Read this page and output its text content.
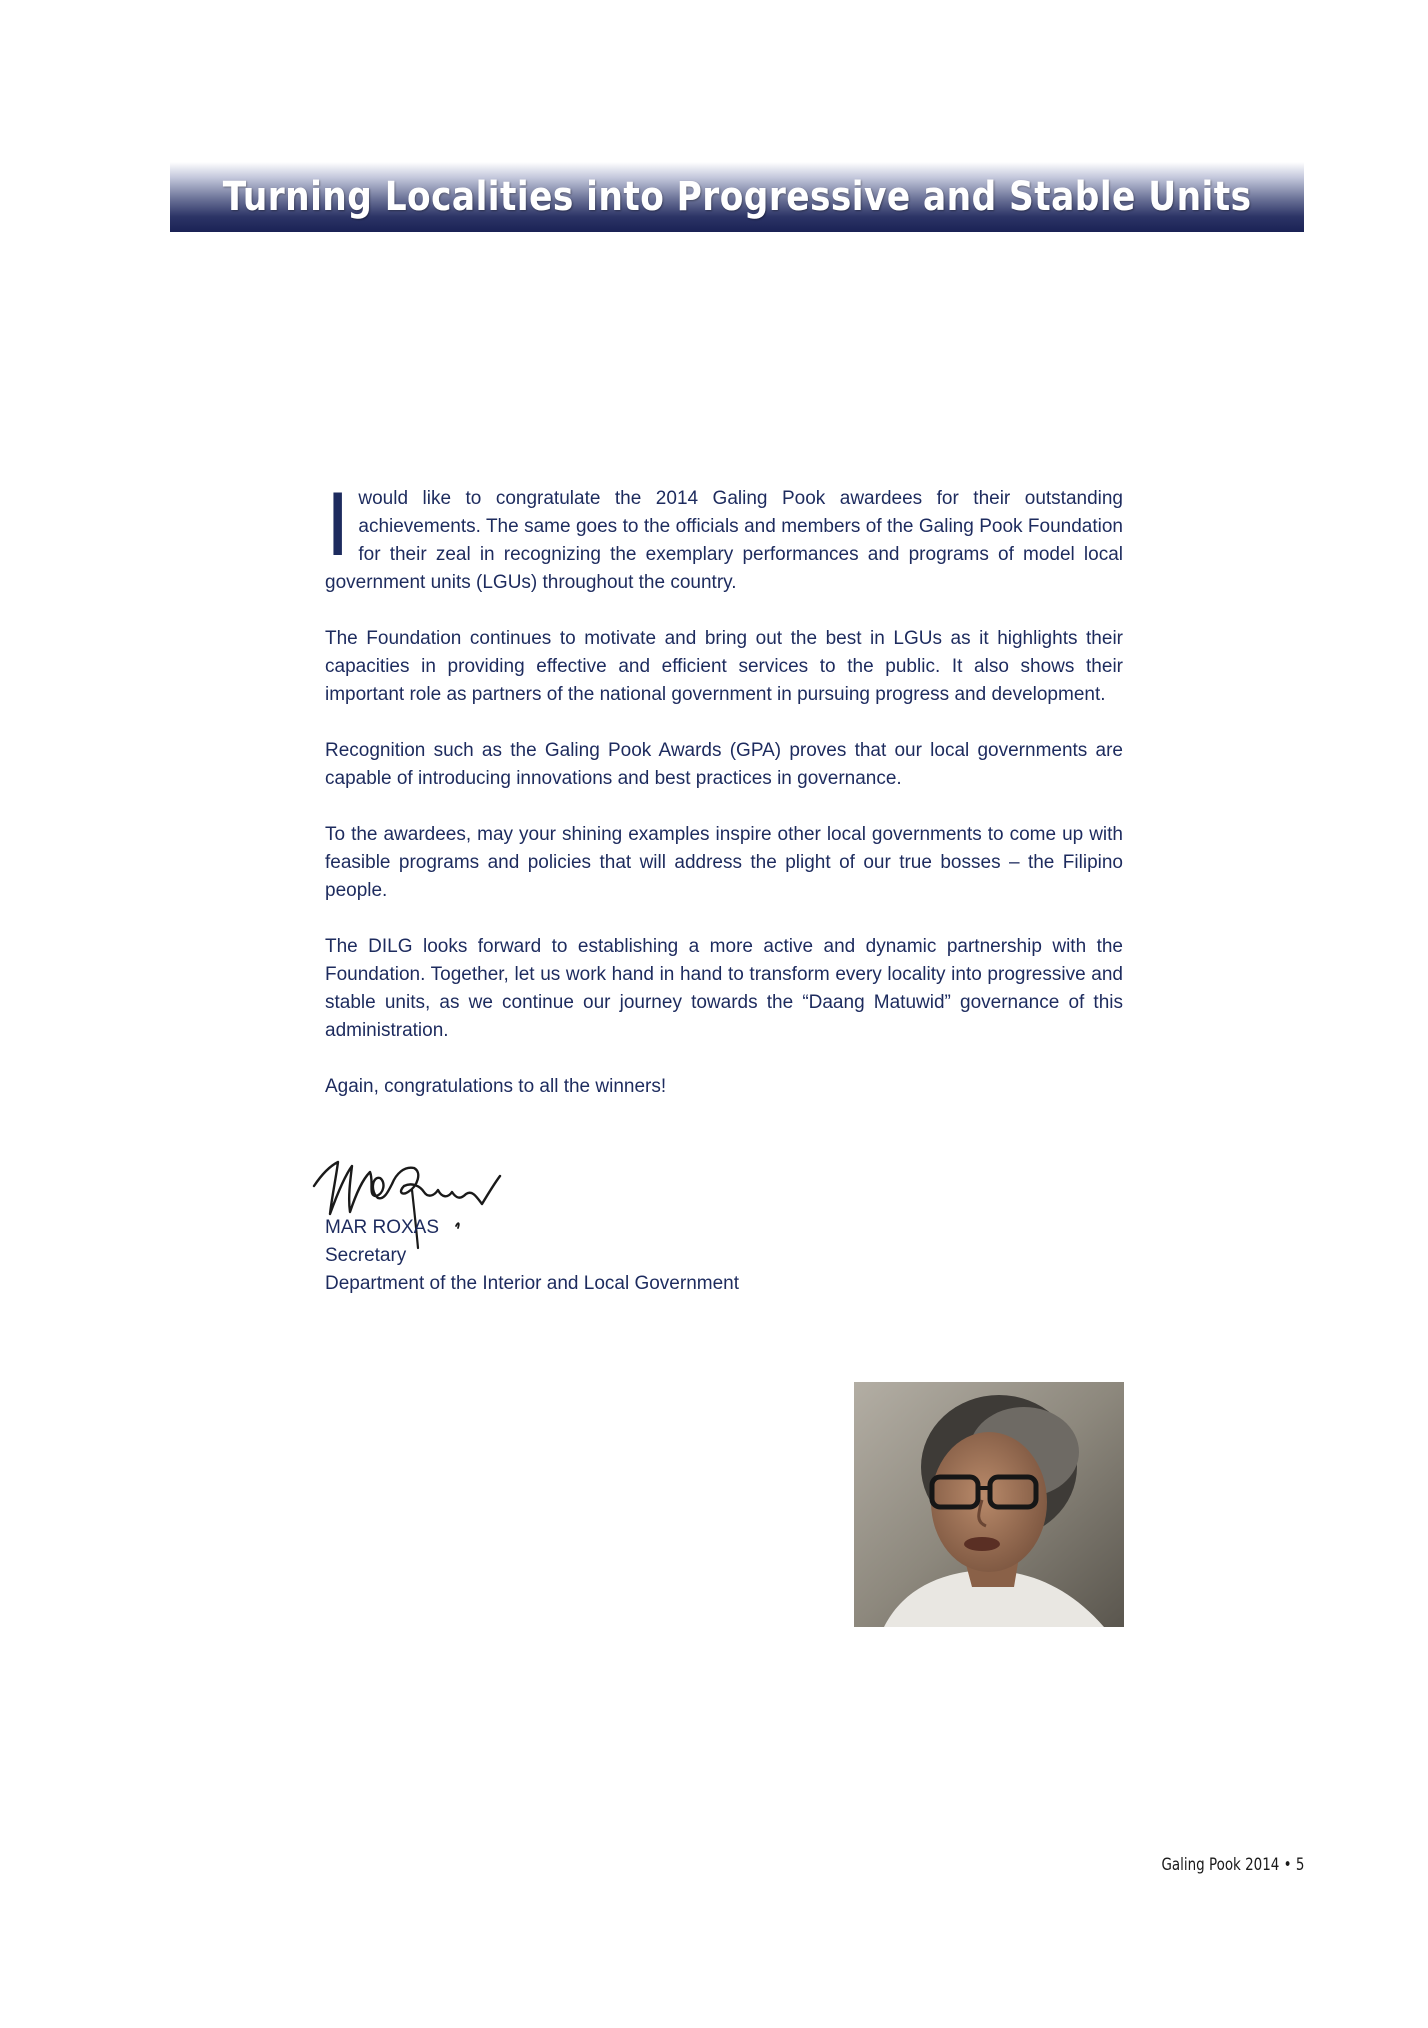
Turning Localities into Progressive and Stable Units

Iwould like to congratulate the 2014 Galing Pook awardees for their outstanding achievements. The same goes to the officials and members of the Galing Pook Foundation for their zeal in recognizing the exemplary performances and programs of model local government units (LGUs) throughout the country.

The Foundation continues to motivate and bring out the best in LGUs as it highlights their capacities in providing effective and efficient services to the public. It also shows their important role as partners of the national government in pursuing progress and development.

Recognition such as the Galing Pook Awards (GPA) proves that our local governments are capable of introducing innovations and best practices in governance.

To the awardees, may your shining examples inspire other local governments to come up with feasible programs and policies that will address the plight of our true bosses – the Filipino people.

The DILG looks forward to establishing a more active and dynamic partnership with the Foundation. Together, let us work hand in hand to transform every locality into progressive and stable units, as we continue our journey towards the “Daang Matuwid” governance of this administration.

Again, congratulations to all the winners!

MAR ROXAS
Secretary
Department of the Interior and Local Government
Galing Pook 2014 • 5
